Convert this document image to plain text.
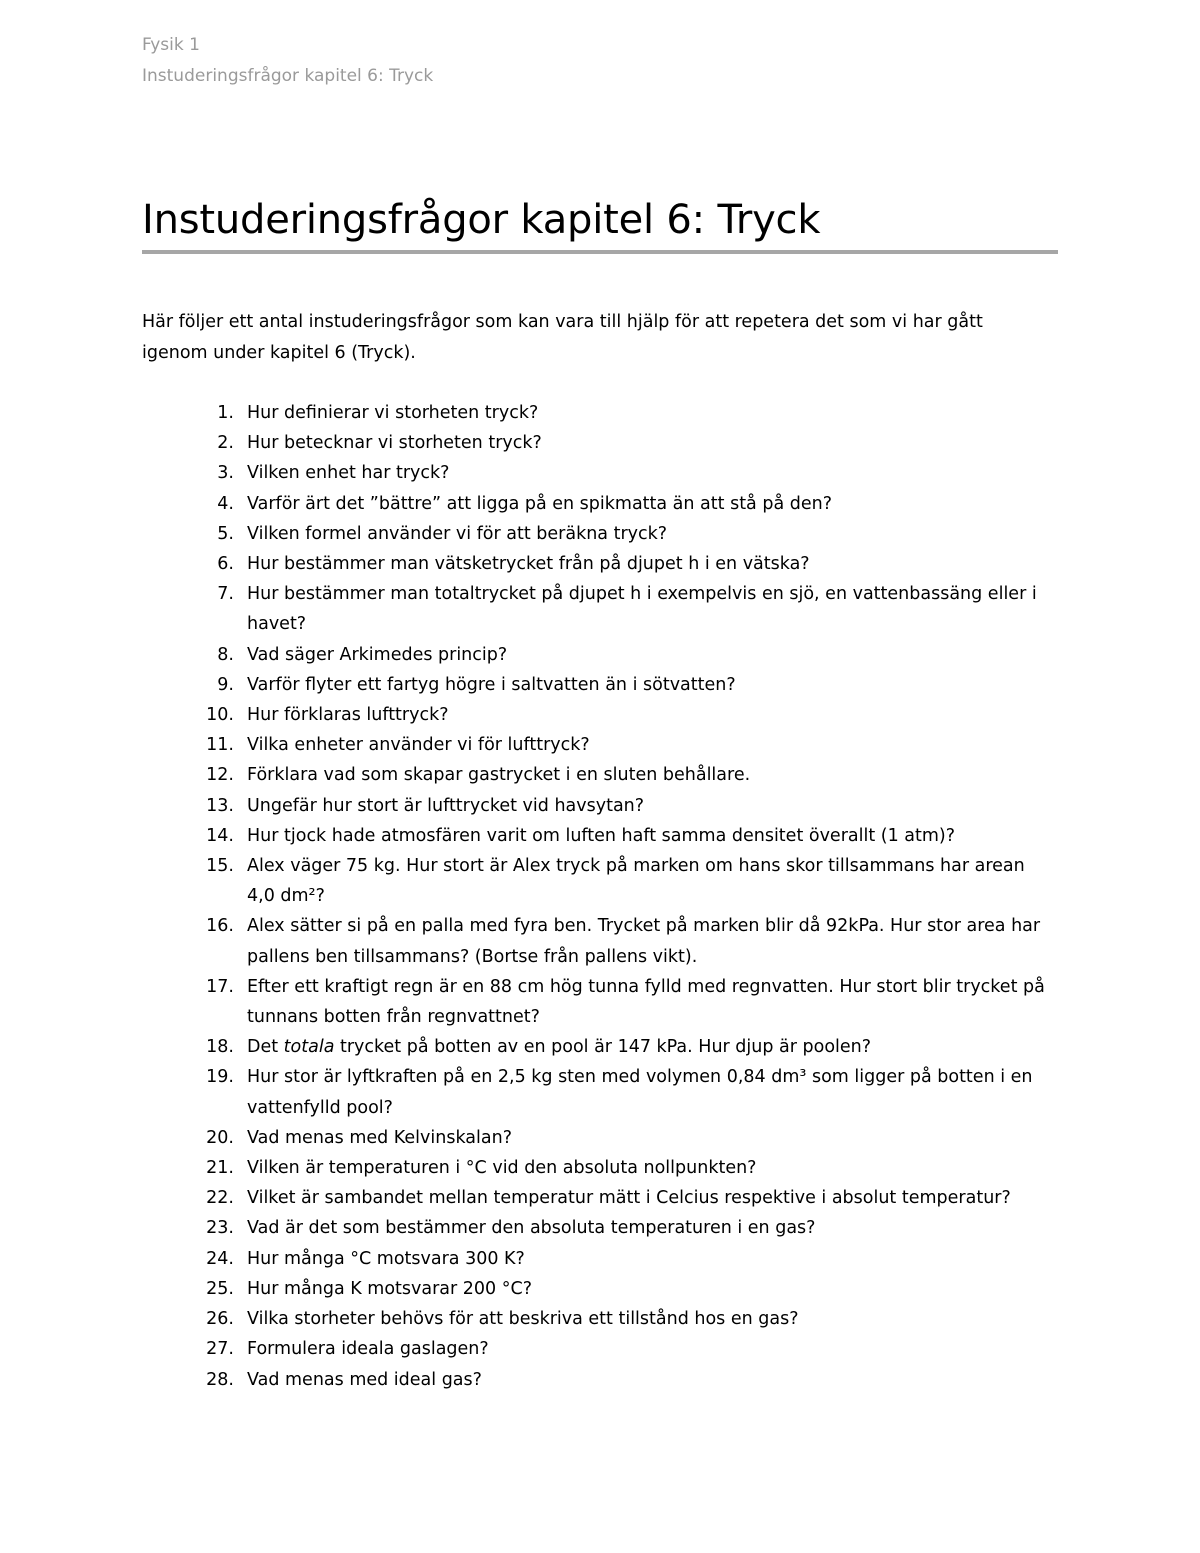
Fysik 1
Instuderingsfrågor kapitel 6: Tryck
Instuderingsfrågor kapitel 6: Tryck

Här följer ett antal instuderingsfrågor som kan vara till hjälp för att repetera det som vi har gått igenom under kapitel 6 (Tryck).

1. Hur definierar vi storheten tryck?
2. Hur betecknar vi storheten tryck?
3. Vilken enhet har tryck?
4. Varför ärt det ”bättre” att ligga på en spikmatta än att stå på den?
5. Vilken formel använder vi för att beräkna tryck?
6. Hur bestämmer man vätsketrycket från på djupet h i en vätska?
7. Hur bestämmer man totaltrycket på djupet h i exempelvis en sjö, en vattenbassäng eller i havet?
8. Vad säger Arkimedes princip?
9. Varför flyter ett fartyg högre i saltvatten än i sötvatten?
10. Hur förklaras lufttryck?
11. Vilka enheter använder vi för lufttryck?
12. Förklara vad som skapar gastrycket i en sluten behållare.
13. Ungefär hur stort är lufttrycket vid havsytan?
14. Hur tjock hade atmosfären varit om luften haft samma densitet överallt (1 atm)?
15. Alex väger 75 kg. Hur stort är Alex tryck på marken om hans skor tillsammans har arean 4,0 dm²?
16. Alex sätter si på en palla med fyra ben. Trycket på marken blir då 92kPa. Hur stor area har pallens ben tillsammans? (Bortse från pallens vikt).
17. Efter ett kraftigt regn är en 88 cm hög tunna fylld med regnvatten. Hur stort blir trycket på tunnans botten från regnvattnet?
18. Det totala trycket på botten av en pool är 147 kPa. Hur djup är poolen?
19. Hur stor är lyftkraften på en 2,5 kg sten med volymen 0,84 dm³ som ligger på botten i en vattenfylld pool?
20. Vad menas med Kelvinskalan?
21. Vilken är temperaturen i °C vid den absoluta nollpunkten?
22. Vilket är sambandet mellan temperatur mätt i Celcius respektive i absolut temperatur?
23. Vad är det som bestämmer den absoluta temperaturen i en gas?
24. Hur många °C motsvara 300 K?
25. Hur många K motsvarar 200 °C?
26. Vilka storheter behövs för att beskriva ett tillstånd hos en gas?
27. Formulera ideala gaslagen?
28. Vad menas med ideal gas?
